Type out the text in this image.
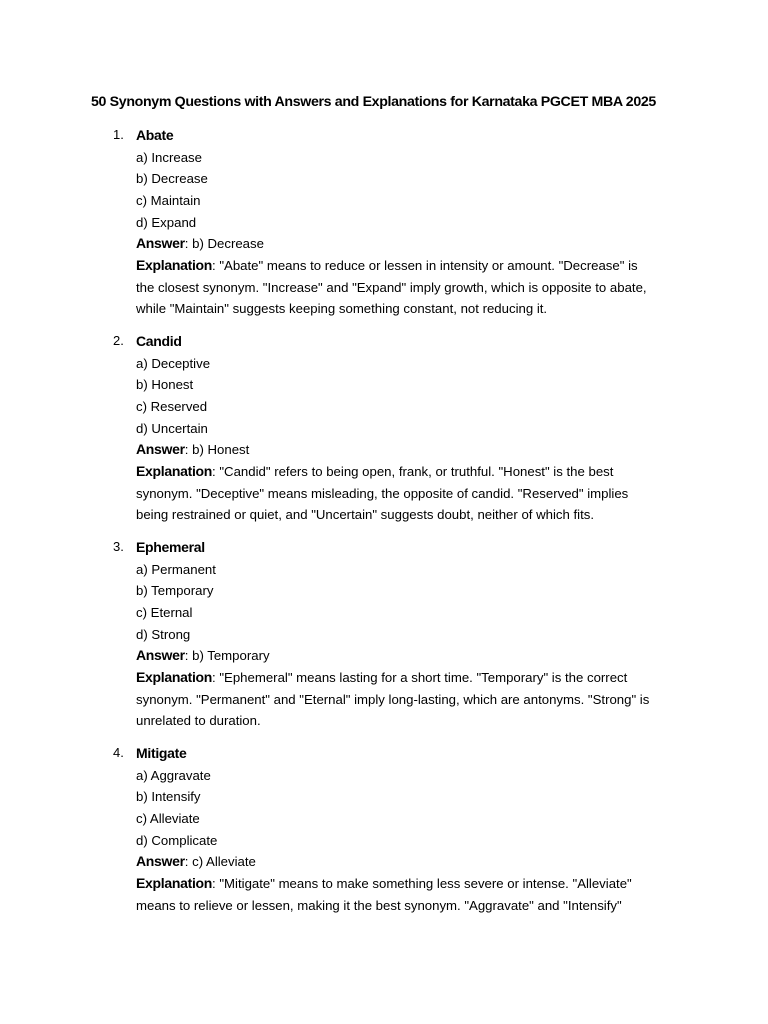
50 Synonym Questions with Answers and Explanations for Karnataka PGCET MBA 2025
1. Abate

a) Increase

b) Decrease

c) Maintain

d) Expand

Answer: b) Decrease

Explanation: "Abate" means to reduce or lessen in intensity or amount. "Decrease" is
the closest synonym. "Increase" and "Expand" imply growth, which is opposite to abate,
while "Maintain" suggests keeping something constant, not reducing it.

2. Candid

a) Deceptive

b) Honest

c) Reserved

d) Uncertain

Answer: b) Honest

Explanation: "Candid" refers to being open, frank, or truthful. "Honest" is the best
synonym. "Deceptive" means misleading, the opposite of candid. "Reserved" implies
being restrained or quiet, and "Uncertain" suggests doubt, neither of which fits.

3. Ephemeral

a) Permanent

b) Temporary

c) Eternal

d) Strong

Answer: b) Temporary

Explanation: "Ephemeral" means lasting for a short time. "Temporary" is the correct
synonym. "Permanent" and "Eternal" imply long-lasting, which are antonyms. "Strong" is
unrelated to duration.

4. Mitigate

a) Aggravate

b) Intensify

c) Alleviate

d) Complicate

Answer: c) Alleviate

Explanation: "Mitigate" means to make something less severe or intense. "Alleviate"
means to relieve or lessen, making it the best synonym. "Aggravate" and "Intensify"
